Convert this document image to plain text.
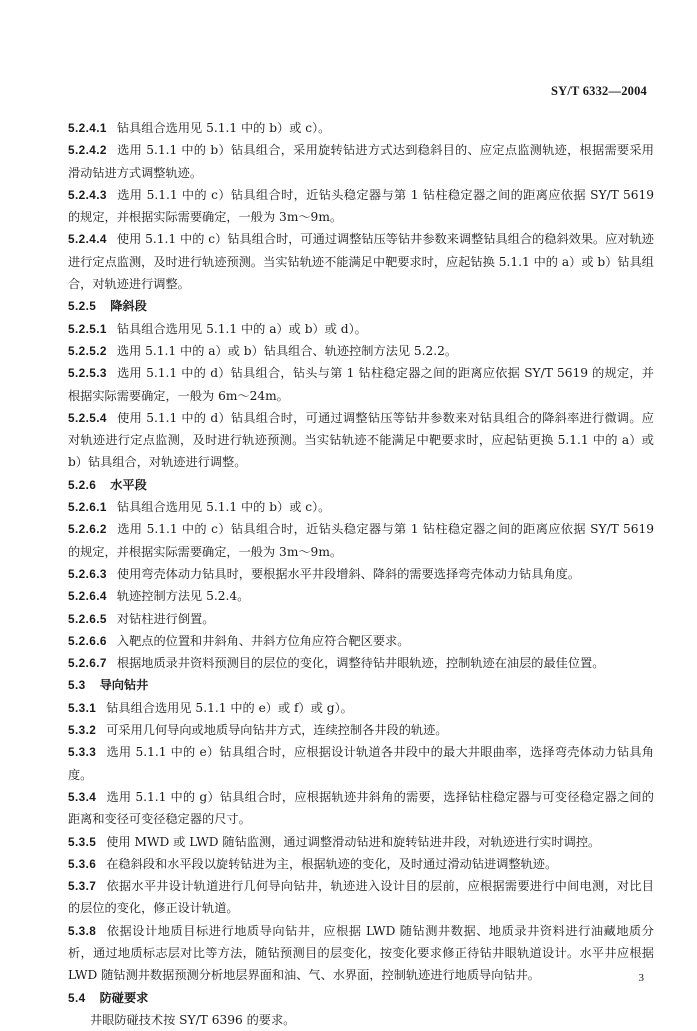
SY/T 6332—2004
5.2.4.1 钻具组合选用见 5.1.1 中的 b）或 c）。
5.2.4.2 选用 5.1.1 中的 b）钻具组合，采用旋转钻进方式达到稳斜目的、应定点监测轨迹，根据需要采用滑动钻进方式调整轨迹。
5.2.4.3 选用 5.1.1 中的 c）钻具组合时，近钻头稳定器与第 1 钻柱稳定器之间的距离应依据 SY/T 5619 的规定，并根据实际需要确定，一般为 3m～9m。
5.2.4.4 使用 5.1.1 中的 c）钻具组合时，可通过调整钻压等钻井参数来调整钻具组合的稳斜效果。应对轨迹进行定点监测，及时进行轨迹预测。当实钻轨迹不能满足中靶要求时，应起钻换 5.1.1 中的 a）或 b）钻具组合，对轨迹进行调整。
5.2.5 降斜段
5.2.5.1 钻具组合选用见 5.1.1 中的 a）或 b）或 d）。
5.2.5.2 选用 5.1.1 中的 a）或 b）钻具组合、轨迹控制方法见 5.2.2。
5.2.5.3 选用 5.1.1 中的 d）钻具组合，钻头与第 1 钻柱稳定器之间的距离应依据 SY/T 5619 的规定，并根据实际需要确定，一般为 6m～24m。
5.2.5.4 使用 5.1.1 中的 d）钻具组合时，可通过调整钻压等钻井参数来对钻具组合的降斜率进行微调。应对轨迹进行定点监测，及时进行轨迹预测。当实钻轨迹不能满足中靶要求时，应起钻更换 5.1.1 中的 a）或 b）钻具组合，对轨迹进行调整。
5.2.6 水平段
5.2.6.1 钻具组合选用见 5.1.1 中的 b）或 c）。
5.2.6.2 选用 5.1.1 中的 c）钻具组合时，近钻头稳定器与第 1 钻柱稳定器之间的距离应依据 SY/T 5619 的规定，并根据实际需要确定，一般为 3m～9m。
5.2.6.3 使用弯壳体动力钻具时，要根据水平井段增斜、降斜的需要选择弯壳体动力钻具角度。
5.2.6.4 轨迹控制方法见 5.2.4。
5.2.6.5 对钻柱进行倒置。
5.2.6.6 入靶点的位置和井斜角、井斜方位角应符合靶区要求。
5.2.6.7 根据地质录井资料预测目的层位的变化，调整待钻井眼轨迹，控制轨迹在油层的最佳位置。
5.3 导向钻井
5.3.1 钻具组合选用见 5.1.1 中的 e）或 f）或 g）。
5.3.2 可采用几何导向或地质导向钻井方式，连续控制各井段的轨迹。
5.3.3 选用 5.1.1 中的 e）钻具组合时，应根据设计轨道各井段中的最大井眼曲率，选择弯壳体动力钻具角度。
5.3.4 选用 5.1.1 中的 g）钻具组合时，应根据轨迹井斜角的需要，选择钻柱稳定器与可变径稳定器之间的距离和变径可变径稳定器的尺寸。
5.3.5 使用 MWD 或 LWD 随钻监测，通过调整滑动钻进和旋转钻进井段，对轨迹进行实时调控。
5.3.6 在稳斜段和水平段以旋转钻进为主，根据轨迹的变化，及时通过滑动钻进调整轨迹。
5.3.7 依据水平井设计轨道进行几何导向钻井，轨迹进入设计目的层前，应根据需要进行中间电测，对比目的层位的变化，修正设计轨道。
5.3.8 依据设计地质目标进行地质导向钻井，应根据 LWD 随钻测井数据、地质录井资料进行油藏地质分析，通过地质标志层对比等方法，随钻预测目的层变化，按变化要求修正待钻井眼轨道设计。水平井应根据 LWD 随钻测井数据预测分析地层界面和油、气、水界面，控制轨迹进行地质导向钻井。
5.4 防碰要求
井眼防碰技术按 SY/T 6396 的要求。
3
